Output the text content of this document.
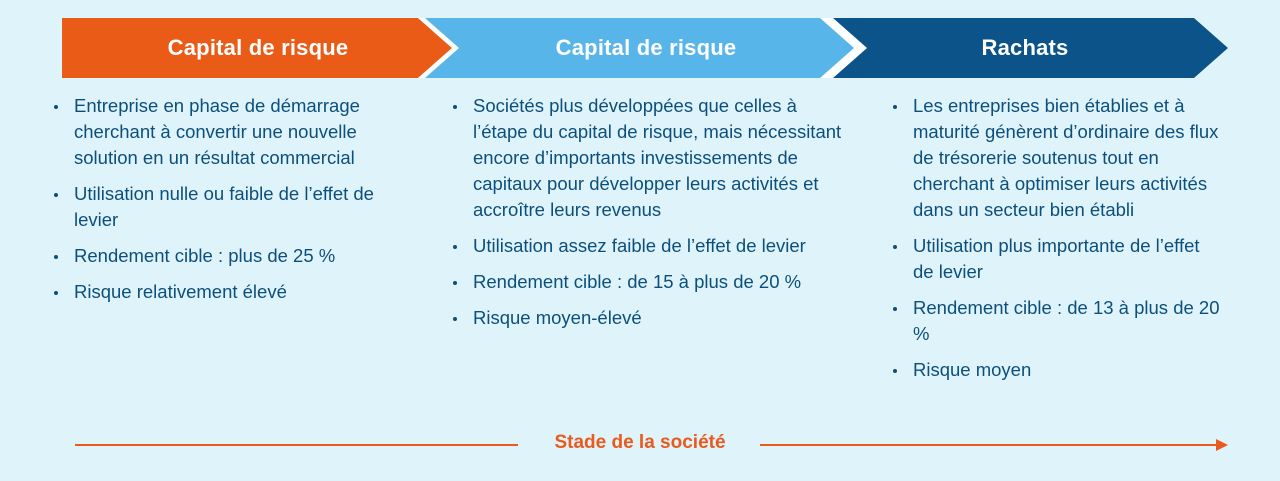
Capital de risque	Capital de risque	Rachats
Entreprise en phase de démarrage cherchant à convertir une nouvelle solution en un résultat commercial
Utilisation nulle ou faible de l’effet de levier
Rendement cible : plus de 25 %
Risque relativement élevé
Sociétés plus développées que celles à l’étape du capital de risque, mais nécessitant encore d’importants investissements de capitaux pour développer leurs activités et accroître leurs revenus
Utilisation assez faible de l’effet de levier
Rendement cible : de 15 à plus de 20 %
Risque moyen-élevé
Les entreprises bien établies et à maturité génèrent d’ordinaire des flux de trésorerie soutenus tout en cherchant à optimiser leurs activités dans un secteur bien établi
Utilisation plus importante de l’effet de levier
Rendement cible : de 13 à plus de 20 %
Risque moyen
Stade de la société
